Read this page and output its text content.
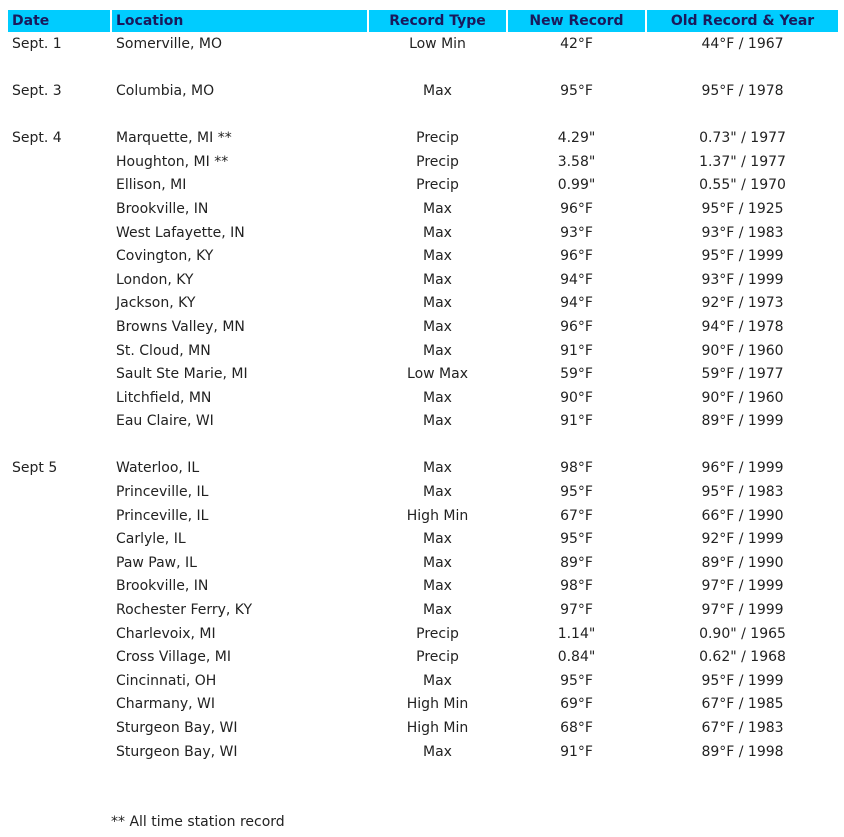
Date	Location	Record Type	New Record	Old Record & Year
Sept. 1	Somerville, MO	Low Min	42°F	44°F / 1967

Sept. 3	Columbia, MO	Max	95°F	95°F / 1978

Sept. 4	Marquette, MI **	Precip	4.29"	0.73" / 1977
	Houghton, MI **	Precip	3.58"	1.37" / 1977
	Ellison, MI	Precip	0.99"	0.55" / 1970
	Brookville, IN	Max	96°F	95°F / 1925
	West Lafayette, IN	Max	93°F	93°F / 1983
	Covington, KY	Max	96°F	95°F / 1999
	London, KY	Max	94°F	93°F / 1999
	Jackson, KY	Max	94°F	92°F / 1973
	Browns Valley, MN	Max	96°F	94°F / 1978
	St. Cloud, MN	Max	91°F	90°F / 1960
	Sault Ste Marie, MI	Low Max	59°F	59°F / 1977
	Litchfield, MN	Max	90°F	90°F / 1960
	Eau Claire, WI	Max	91°F	89°F / 1999

Sept 5	Waterloo, IL	Max	98°F	96°F / 1999
	Princeville, IL	Max	95°F	95°F / 1983
	Princeville, IL	High Min	67°F	66°F / 1990
	Carlyle, IL	Max	95°F	92°F / 1999
	Paw Paw, IL	Max	89°F	89°F / 1990
	Brookville, IN	Max	98°F	97°F / 1999
	Rochester Ferry, KY	Max	97°F	97°F / 1999
	Charlevoix, MI	Precip	1.14"	0.90" / 1965
	Cross Village, MI	Precip	0.84"	0.62" / 1968
	Cincinnati, OH	Max	95°F	95°F / 1999
	Charmany, WI	High Min	69°F	67°F / 1985
	Sturgeon Bay, WI	High Min	68°F	67°F / 1983
	Sturgeon Bay, WI	Max	91°F	89°F / 1998
** All time station record
